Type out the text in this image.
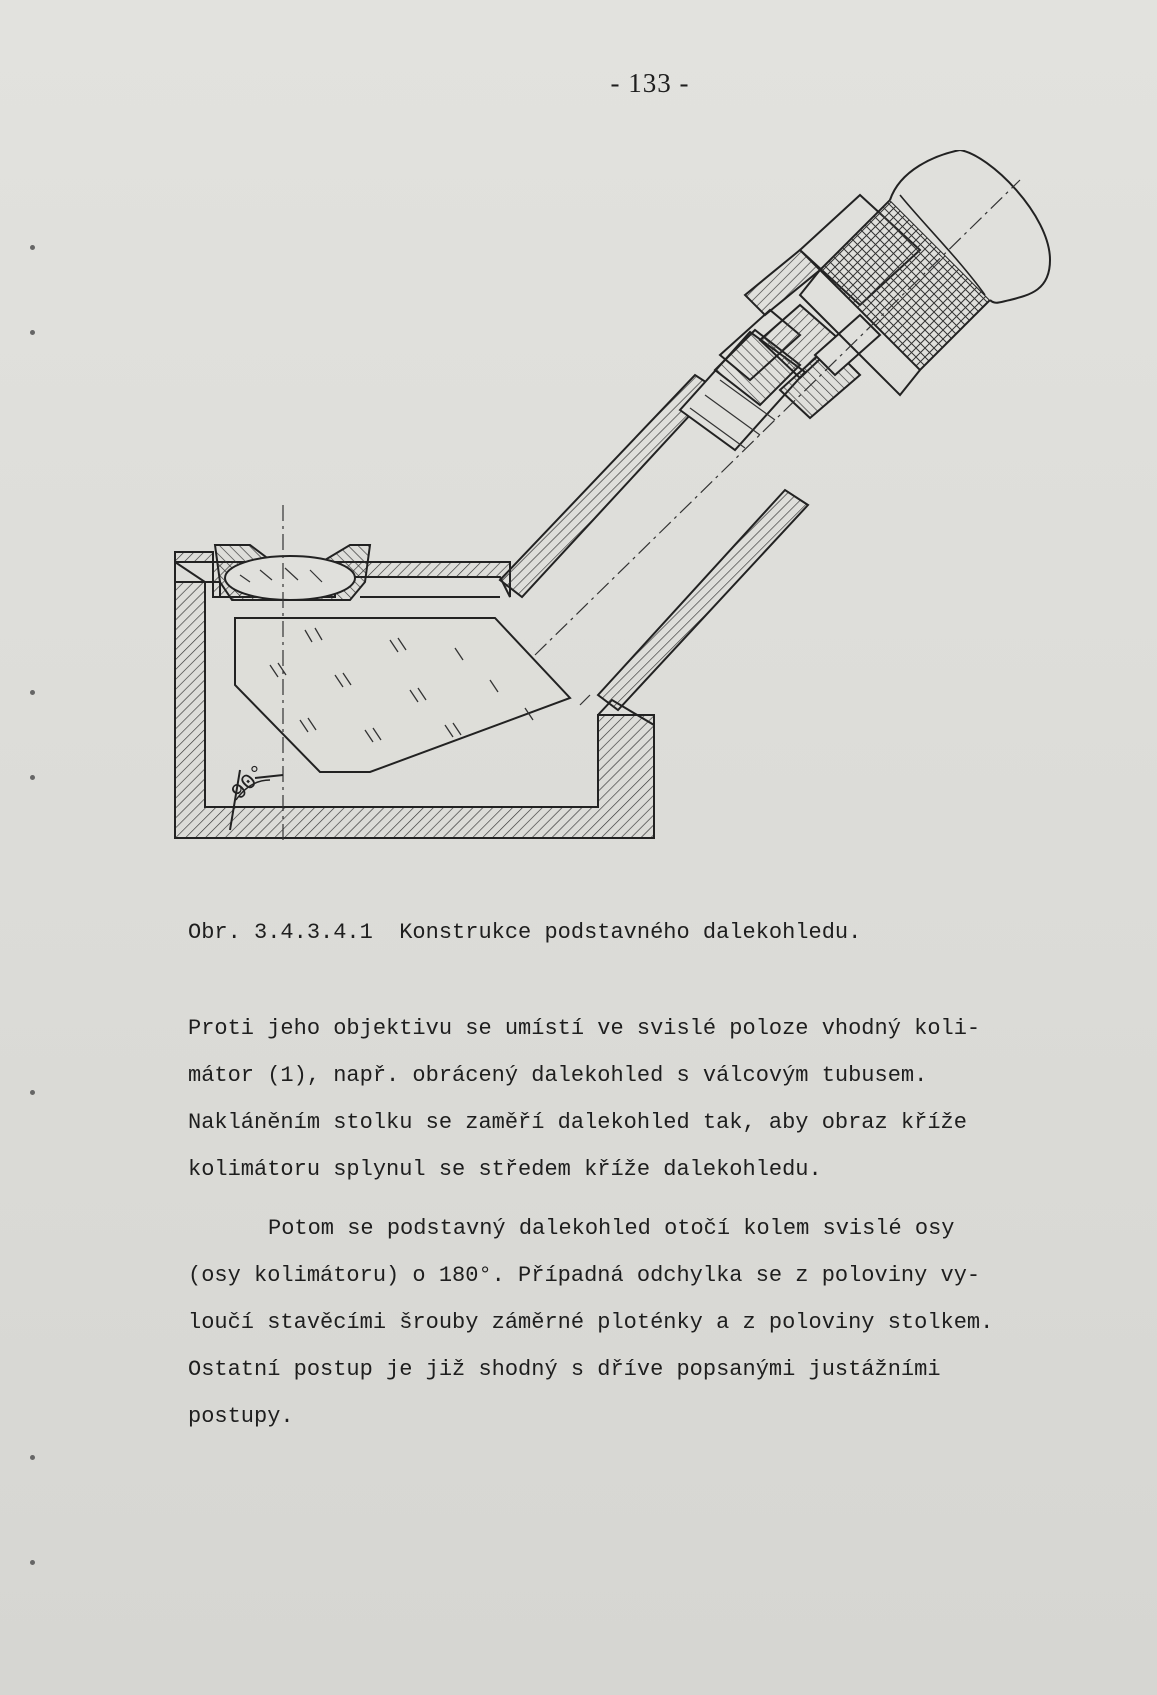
- 133 -
90°
Obr. 3.4.3.4.1  Konstrukce podstavného dalekohledu.
Proti jeho objektivu se umístí ve svislé poloze vhodný koli-
mátor (1), např. obrácený dalekohled s válcovým tubusem.
Nakláněním stolku se zaměří dalekohled tak, aby obraz kříže
kolimátoru splynul se středem kříže dalekohledu.
Potom se podstavný dalekohled otočí kolem svislé osy
(osy kolimátoru) o 180°. Případná odchylka se z poloviny vy-
loučí stavěcími šrouby záměrné ploténky a z poloviny stolkem.
Ostatní postup je již shodný s dříve popsanými justážními
postupy.
